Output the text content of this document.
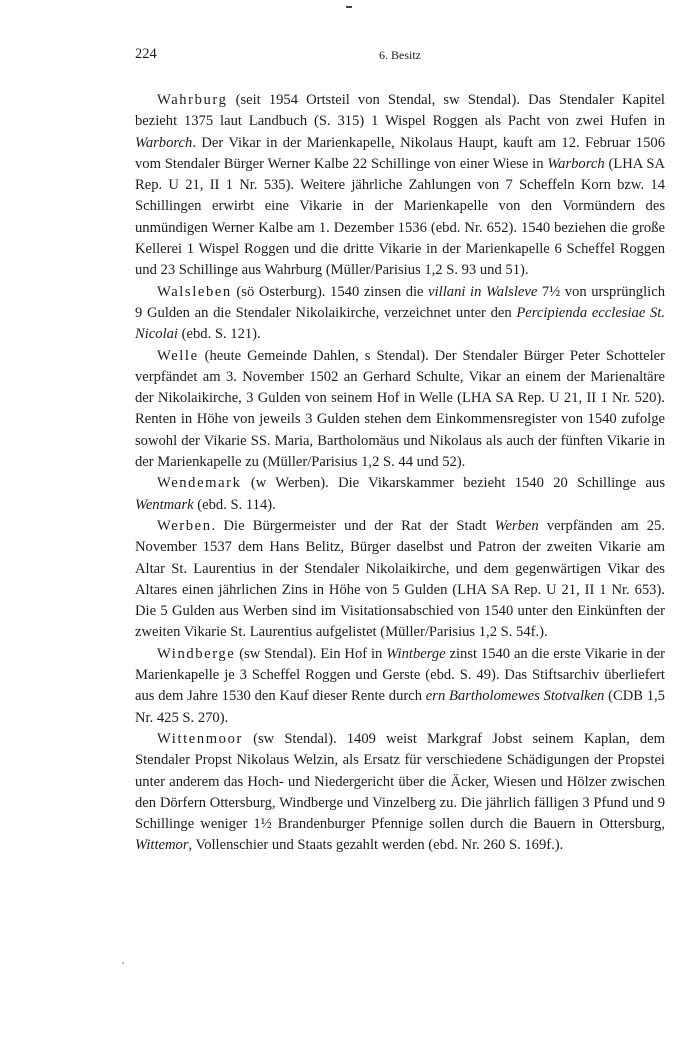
224	6. Besitz

Wahrburg (seit 1954 Ortsteil von Stendal, sw Stendal). Das Stendaler Kapitel bezieht 1375 laut Landbuch (S. 315) 1 Wispel Roggen als Pacht von zwei Hufen in Warborch. Der Vikar in der Marienkapelle, Nikolaus Haupt, kauft am 12. Februar 1506 vom Stendaler Bürger Werner Kalbe 22 Schillinge von einer Wiese in Warborch (LHA SA Rep. U 21, II 1 Nr. 535). Weitere jährliche Zahlungen von 7 Scheffeln Korn bzw. 14 Schillingen erwirbt eine Vikarie in der Marienkapelle von den Vormündern des unmündigen Werner Kalbe am 1. Dezember 1536 (ebd. Nr. 652). 1540 beziehen die große Kellerei 1 Wispel Roggen und die dritte Vikarie in der Marienkapelle 6 Scheffel Roggen und 23 Schillinge aus Wahrburg (Müller/Parisius 1,2 S. 93 und 51).

Walsleben (sö Osterburg). 1540 zinsen die villani in Walsleve 7½ von ursprünglich 9 Gulden an die Stendaler Nikolaikirche, verzeichnet unter den Percipienda ecclesiae St. Nicolai (ebd. S. 121).

Welle (heute Gemeinde Dahlen, s Stendal). Der Stendaler Bürger Peter Schotteler verpfändet am 3. November 1502 an Gerhard Schulte, Vikar an einem der Marienaltäre der Nikolaikirche, 3 Gulden von seinem Hof in Welle (LHA SA Rep. U 21, II 1 Nr. 520). Renten in Höhe von jeweils 3 Gulden stehen dem Einkommensregister von 1540 zufolge sowohl der Vikarie SS. Maria, Bartholomäus und Nikolaus als auch der fünften Vikarie in der Marienkapelle zu (Müller/Parisius 1,2 S. 44 und 52).

Wendemark (w Werben). Die Vikarskammer bezieht 1540 20 Schillinge aus Wentmark (ebd. S. 114).

Werben. Die Bürgermeister und der Rat der Stadt Werben verpfänden am 25. November 1537 dem Hans Belitz, Bürger daselbst und Patron der zweiten Vikarie am Altar St. Laurentius in der Stendaler Nikolaikirche, und dem gegenwärtigen Vikar des Altares einen jährlichen Zins in Höhe von 5 Gulden (LHA SA Rep. U 21, II 1 Nr. 653). Die 5 Gulden aus Werben sind im Visitationsabschied von 1540 unter den Einkünften der zweiten Vikarie St. Laurentius aufgelistet (Müller/Parisius 1,2 S. 54f.).

Windberge (sw Stendal). Ein Hof in Wintberge zinst 1540 an die erste Vikarie in der Marienkapelle je 3 Scheffel Roggen und Gerste (ebd. S. 49). Das Stiftsarchiv überliefert aus dem Jahre 1530 den Kauf dieser Rente durch ern Bartholomewes Stotvalken (CDB 1,5 Nr. 425 S. 270).

Wittenmoor (sw Stendal). 1409 weist Markgraf Jobst seinem Kaplan, dem Stendaler Propst Nikolaus Welzin, als Ersatz für verschiedene Schädigungen der Propstei unter anderem das Hoch- und Niedergericht über die Äcker, Wiesen und Hölzer zwischen den Dörfern Ottersburg, Windberge und Vinzelberg zu. Die jährlich fälligen 3 Pfund und 9 Schillinge weniger 1½ Brandenburger Pfennige sollen durch die Bauern in Ottersburg, Wittemor, Vollenschier und Staats gezahlt werden (ebd. Nr. 260 S. 169f.).
